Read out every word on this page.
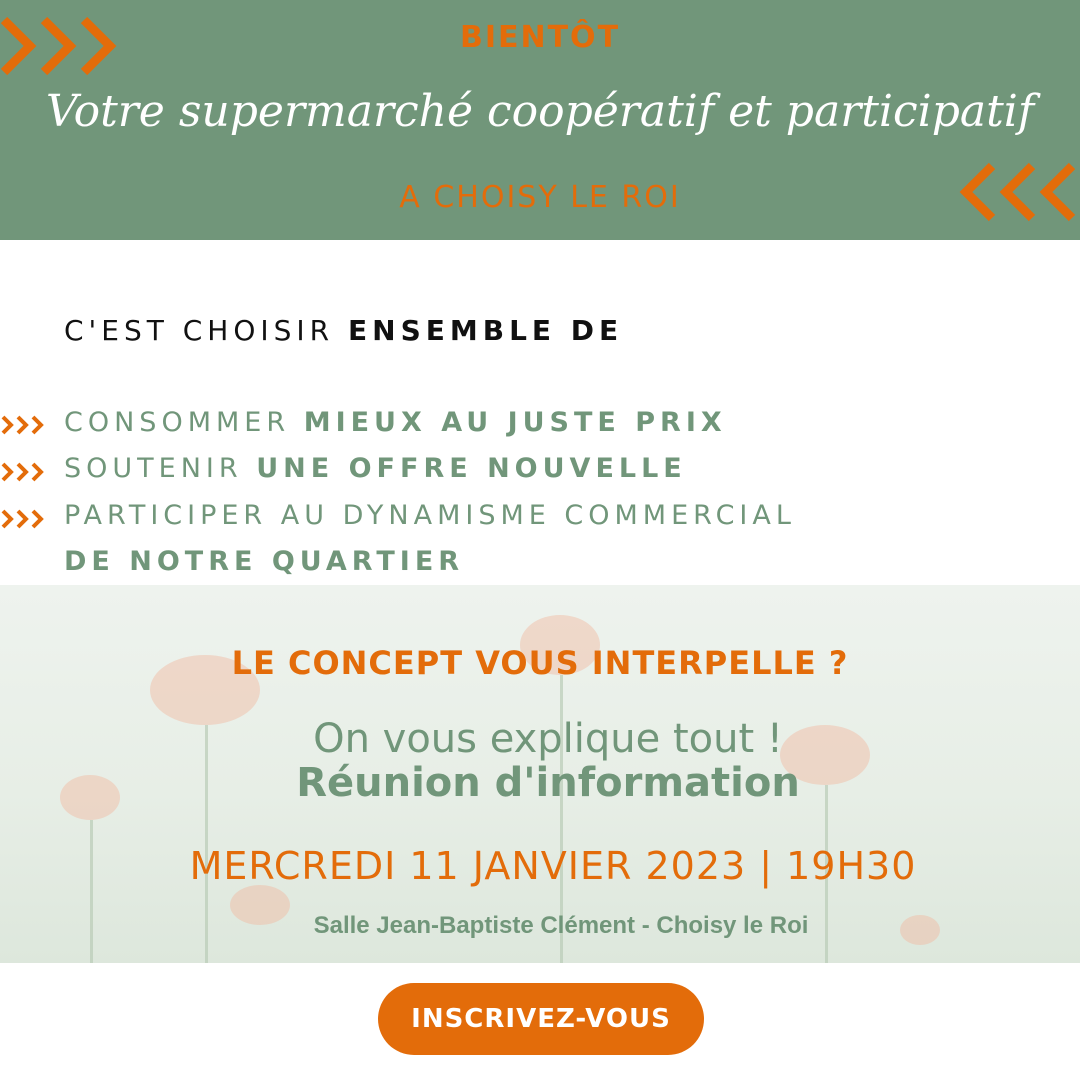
BIENTÔT
Votre supermarché coopératif et participatif
A CHOISY LE ROI
C'EST CHOISIR ENSEMBLE DE
CONSOMMER MIEUX AU JUSTE PRIX
SOUTENIR UNE OFFRE NOUVELLE
PARTICIPER AU DYNAMISME COMMERCIAL
DE NOTRE QUARTIER
LE CONCEPT VOUS INTERPELLE ?
On vous explique tout !
Réunion d'information
MERCREDI 11 JANVIER 2023 | 19H30
Salle Jean-Baptiste Clément - Choisy le Roi
INSCRIVEZ-VOUS
